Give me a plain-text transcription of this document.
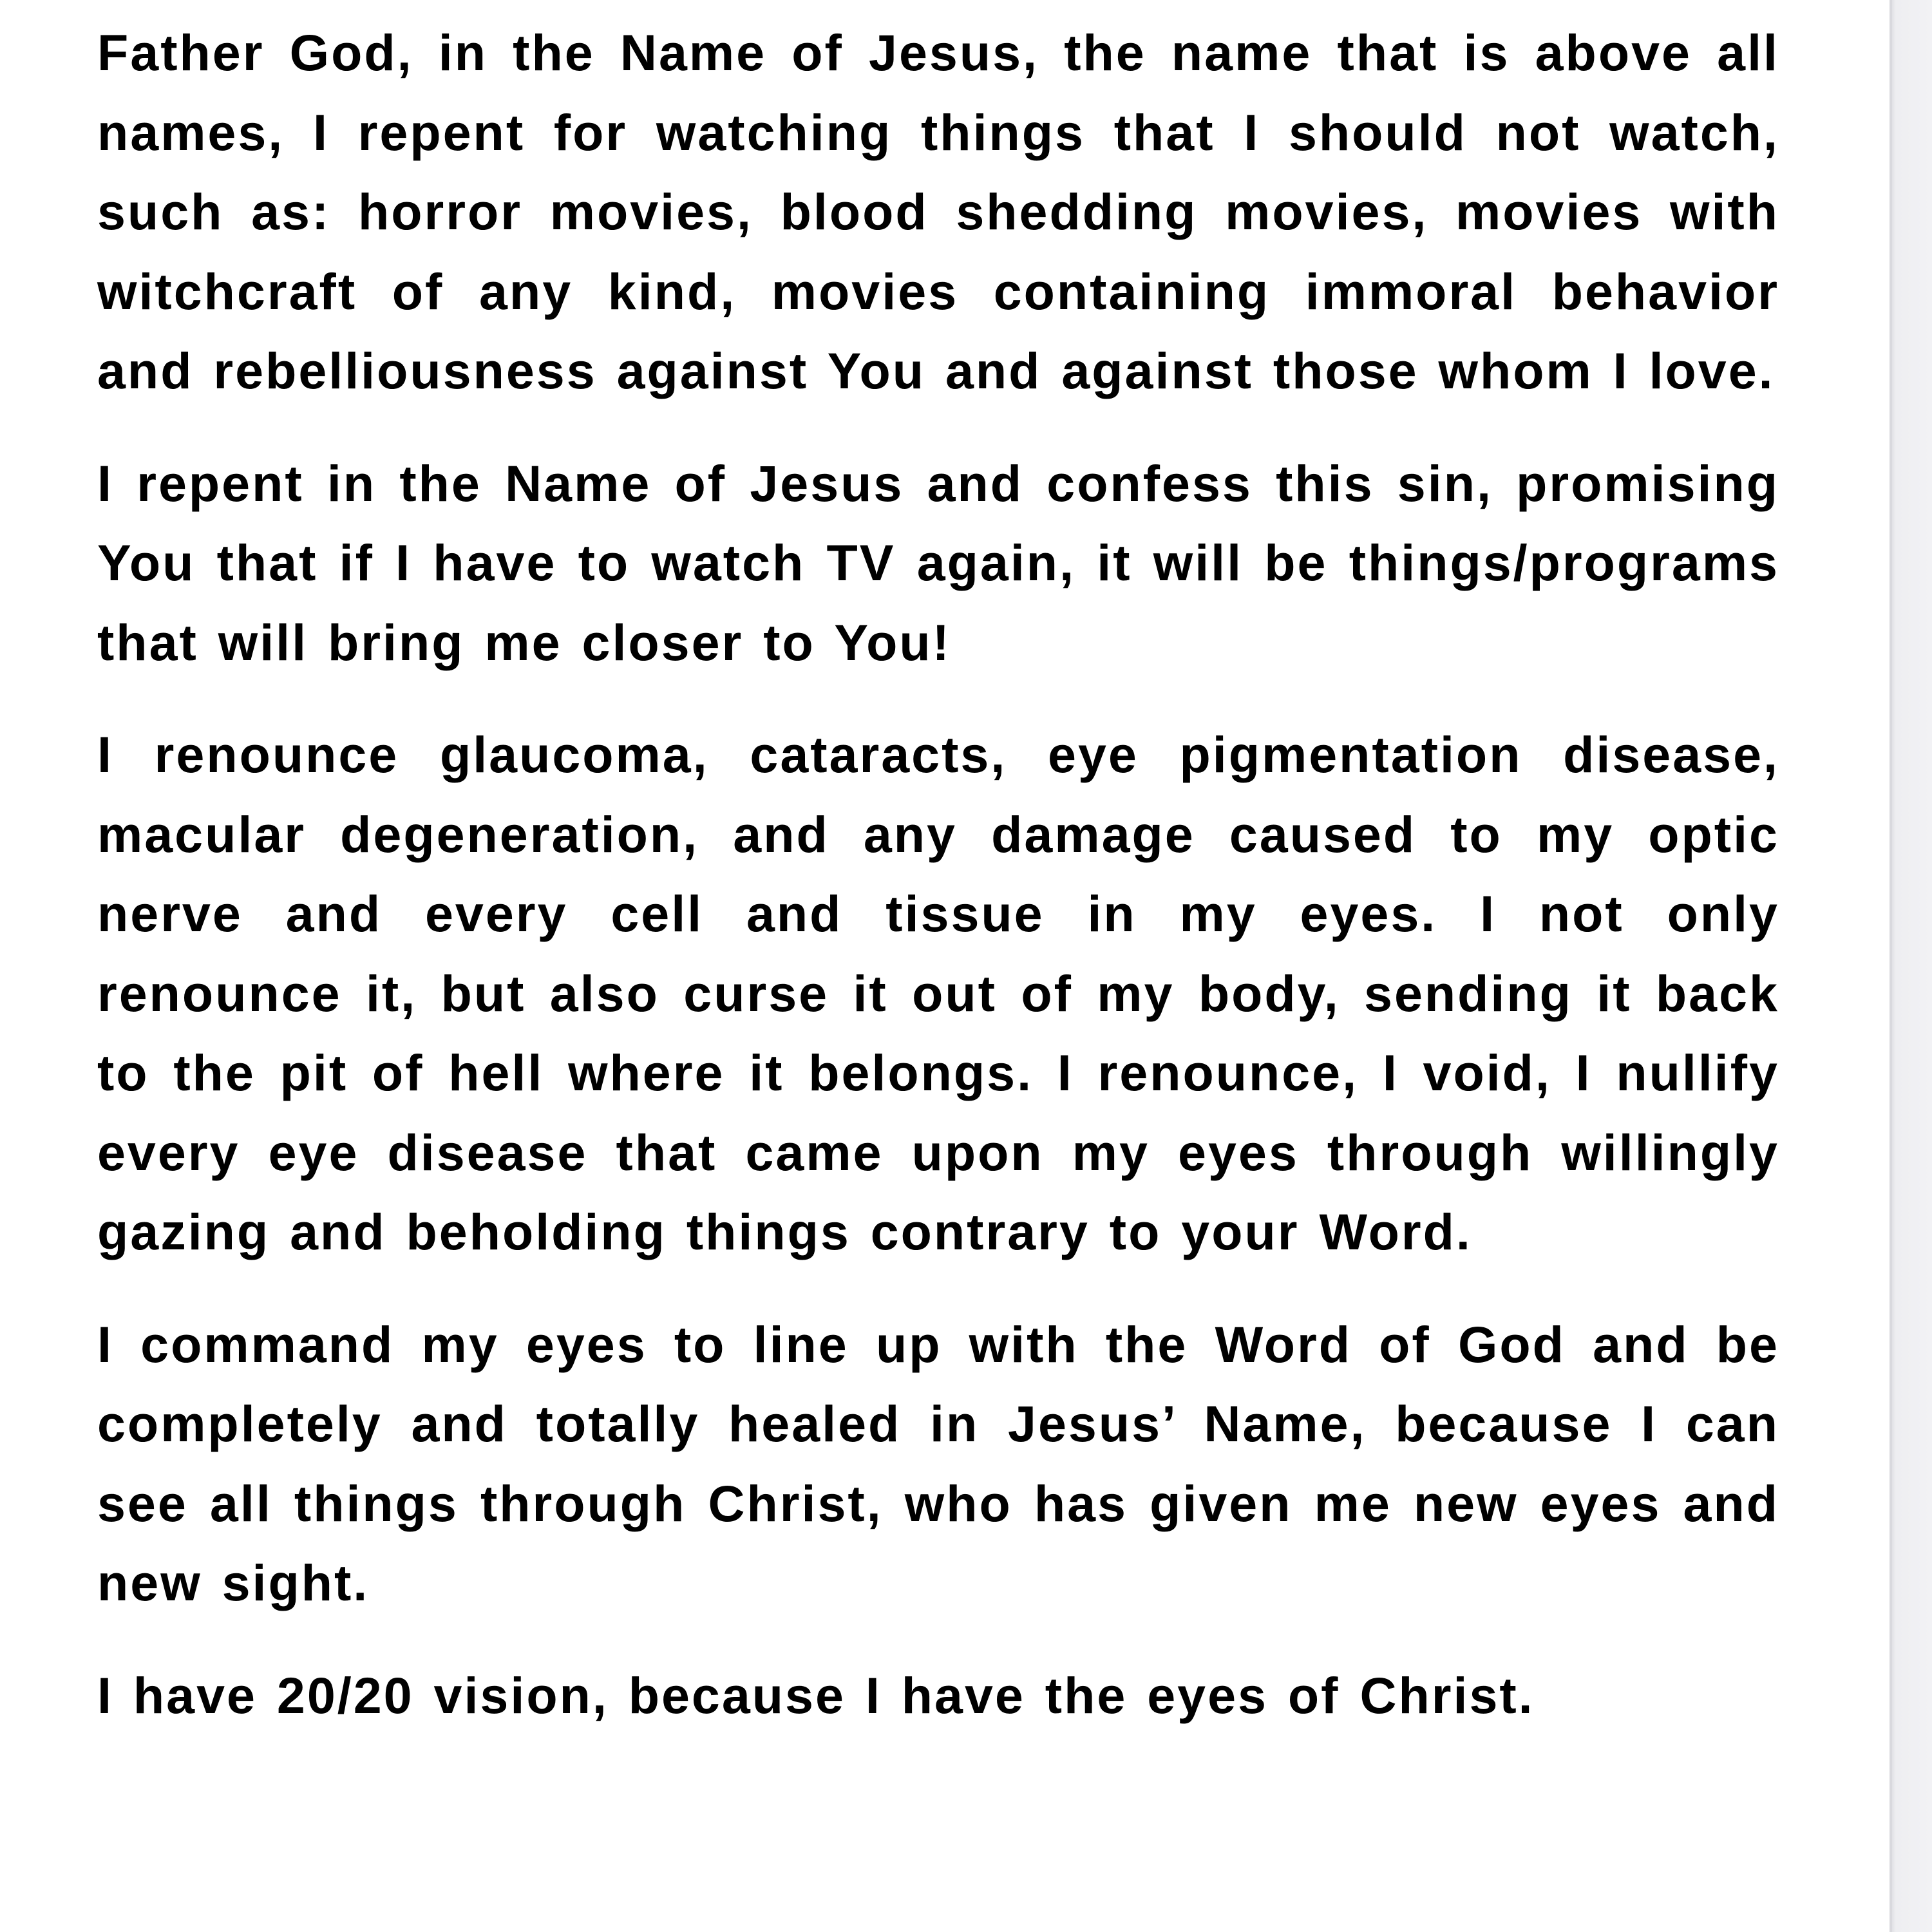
Father God, in the Name of Jesus, the name that is above all names, I repent for watching things that I should not watch, such as: horror movies, blood shedding movies, movies with witchcraft of any kind, movies containing immoral behavior and rebelliousness against You and against those whom I love.

I repent in the Name of Jesus and confess this sin, promising You that if I have to watch TV again, it will be things/programs that will bring me closer to You!

I renounce glaucoma, cataracts, eye pigmentation disease, macular degeneration, and any damage caused to my optic nerve and every cell and tissue in my eyes. I not only renounce it, but also curse it out of my body, sending it back to the pit of hell where it belongs. I renounce, I void, I nullify every eye disease that came upon my eyes through willingly gazing and beholding things contrary to your Word.

I command my eyes to line up with the Word of God and be completely and totally healed in Jesus’ Name, because I can see all things through Christ, who has given me new eyes and new sight.

I have 20/20 vision, because I have the eyes of Christ.
